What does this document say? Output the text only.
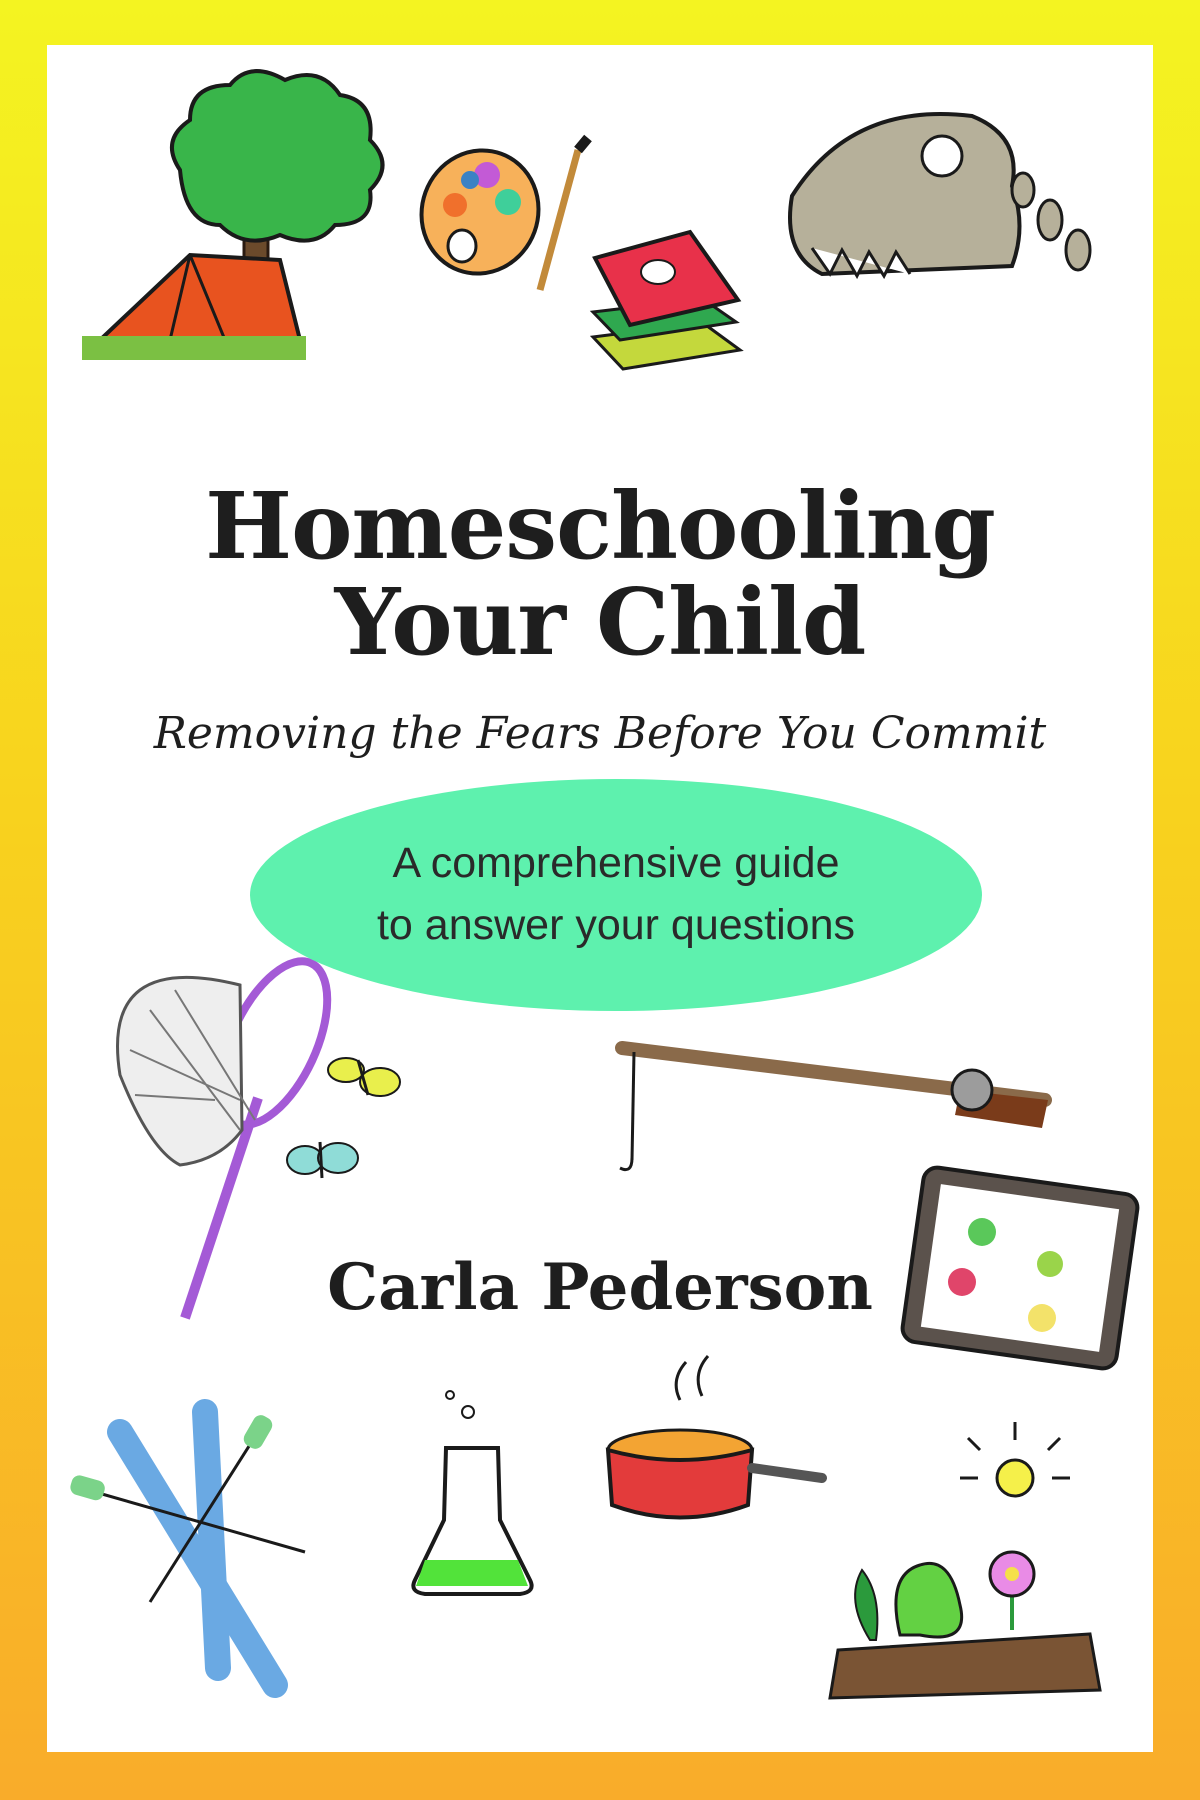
Homeschooling
Your Child
Removing the Fears Before You Commit
A comprehensive guide
to answer your questions
Carla Pederson
